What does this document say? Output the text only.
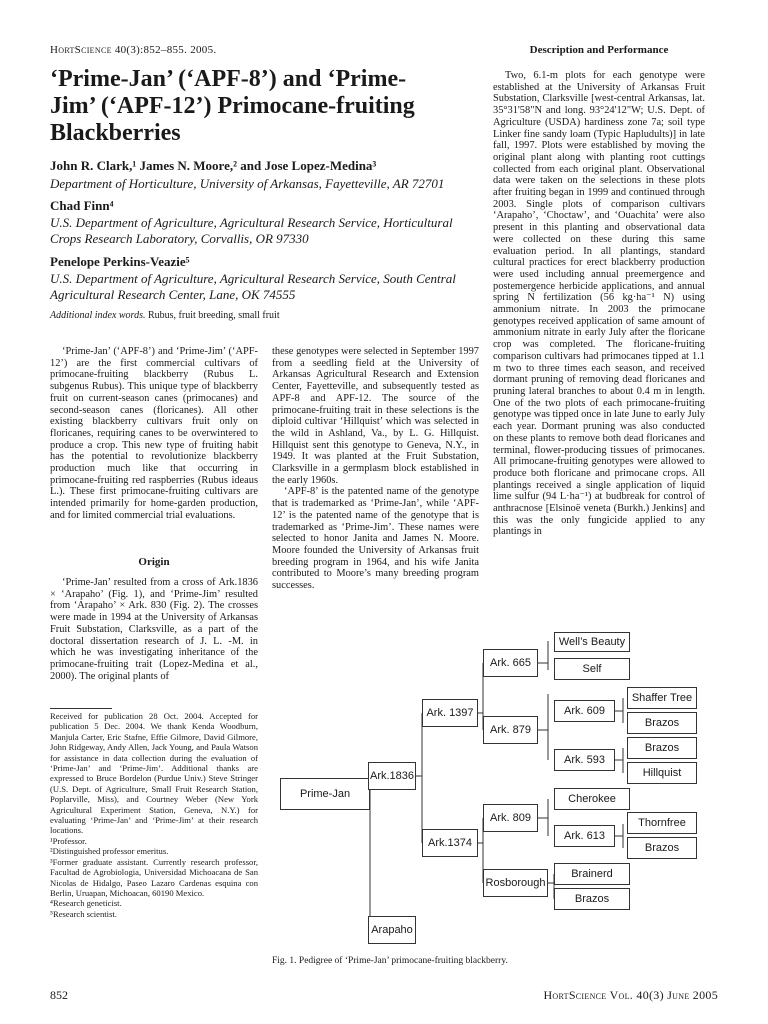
HortScience 40(3):852–855. 2005.
‘Prime-Jan’ (‘APF-8’) and ‘Prime-Jim’ (‘APF-12’) Primocane-fruiting Blackberries
John R. Clark,¹ James N. Moore,² and Jose Lopez-Medina³
Department of Horticulture, University of Arkansas, Fayetteville, AR 72701
Chad Finn⁴
U.S. Department of Agriculture, Agricultural Research Service, Horticultural Crops Research Laboratory, Corvallis, OR 97330
Penelope Perkins-Veazie⁵
U.S. Department of Agriculture, Agricultural Research Service, South Central Agricultural Research Center, Lane, OK 74555
Additional index words. Rubus, fruit breeding, small fruit

‘Prime-Jan’ (‘APF-8’) and ‘Prime-Jim’ (‘APF-12’) are the first commercial cultivars of primocane-fruiting blackberry (Rubus L. subgenus Rubus). This unique type of blackberry fruit on current-season canes (primocanes) and second-season canes (floricanes). All other existing blackberry cultivars fruit only on floricanes, requiring canes to be overwintered to produce a crop. This new type of fruiting habit has the potential to revolutionize blackberry production much like that occurring in primocane-fruiting red raspberries (Rubus ideaus L.). These first primocane-fruiting cultivars are intended primarily for home-garden production, and for limited commercial trial evaluations.

Origin

‘Prime-Jan’ resulted from a cross of Ark.1836 × ‘Arapaho’ (Fig. 1), and ‘Prime-Jim’ resulted from ‘Arapaho’ × Ark. 830 (Fig. 2). The crosses were made in 1994 at the University of Arkansas Fruit Substation, Clarksville, as a part of the doctoral dissertation research of J. L. -M. in which he was investigating inheritance of the primocane-fruiting trait (Lopez-Medina et al., 2000). The original plants of

Received for publication 28 Oct. 2004. Accepted for publication 5 Dec. 2004. We thank Kenda Woodburn, Manjula Carter, Eric Stafne, Effie Gilmore, David Gilmore, John Ridgeway, Andy Allen, Jack Young, and Paula Watson for assistance in data collection during the evaluation of ‘Prime-Jan’ and ‘Prime-Jim’. Additional thanks are expressed to Bruce Bordelon (Purdue Univ.) Steve Stringer (U.S. Dept. of Agriculture, Small Fruit Research Station, Poplarville, Miss), and Courtney Weber (New York Agricultural Experiment Station, Geneva, N.Y.) for evaluating ‘Prime-Jan’ and ‘Prime-Jim’ at their research locations.

¹Professor.

²Distinguished professor emeritus.

³Former graduate assistant. Currently research professor, Facultad de Agrobiologia, Universidad Michoacana de San Nicolas de Hidalgo, Paseo Lazaro Cardenas esquina con Berlin, Uruapan, Michoacan, 60190 Mexico.

⁴Research geneticist.

⁵Research scientist.

these genotypes were selected in September 1997 from a seedling field at the University of Arkansas Agricultural Research and Extension Center, Fayetteville, and subsequently tested as APF-8 and APF-12. The source of the primocane-fruiting trait in these selections is the diploid cultivar ‘Hillquist’ which was selected in the wild in Ashland, Va., by L. G. Hillquist. Hillquist sent this genotype to Geneva, N.Y., in 1949. It was planted at the Fruit Substation, Clarksville in a germplasm block established in the early 1960s.

‘APF-8’ is the patented name of the genotype that is trademarked as ‘Prime-Jan’, while ‘APF-12’ is the patented name of the genotype that is trademarked as ‘Prime-Jim’. These names were selected to honor Janita and James N. Moore. Moore founded the University of Arkansas fruit breeding program in 1964, and his wife Janita contributed to Moore’s many breeding program successes.

Description and Performance

Two, 6.1-m plots for each genotype were established at the University of Arkansas Fruit Substation, Clarksville [west-central Arkansas, lat. 35°31'58"N and long. 93°24'12"W; U.S. Dept. of Agriculture (USDA) hardiness zone 7a; soil type Linker fine sandy loam (Typic Hapludults)] in late fall, 1997. Plots were established by moving the original plant along with planting root cuttings collected from each original plant. Observational data were taken on the selections in these plots after fruiting began in 1999 and continued through 2003. Single plots of comparison cultivars ‘Arapaho’, ‘Choctaw’, and ‘Ouachita’ were also present in this planting and observational data were collected on these during this same evaluation period. In all plantings, standard cultural practices for erect blackberry production were used including annual preemergence and postemergence herbicide applications, and annual spring N fertilization (56 kg·ha⁻¹ N) using ammonium nitrate. In 2003 the primocane genotypes received application of same amount of ammonium nitrate in early July after the floricane crop was completed. The floricane-fruiting comparison cultivars had primocanes tipped at 1.1 m two to three times each season, and received dormant pruning of removing dead floricanes and pruning lateral branches to about 0.4 m in length. One of the two plots of each primocane-fruiting genotype was tipped once in late June to early July each year. Dormant pruning was also conducted on these plants to remove both dead floricanes and terminal, flower-producing tissues of primocanes. All primocane-fruiting genotypes were allowed to produce both floricane and primocane crops. All plantings received a single application of liquid lime sulfur (94 L·ha⁻¹) at budbreak for control of anthracnose [Elsinoë veneta (Burkh.) Jenkins] and this was the only fungicide applied to any plantings in

Prime-Jan
Ark.1836
Arapaho
Ark. 1397
Ark.1374
Ark. 665
Ark. 879
Ark. 809
Rosborough
Well’s Beauty
Self
Ark. 609
Ark. 593
Cherokee
Ark. 613
Brainerd
Brazos
Shaffer Tree
Brazos
Brazos
Hillquist
Thornfree
Brazos
Fig. 1. Pedigree of ‘Prime-Jan’ primocane-fruiting blackberry.
852	HortScience Vol. 40(3) June 2005
